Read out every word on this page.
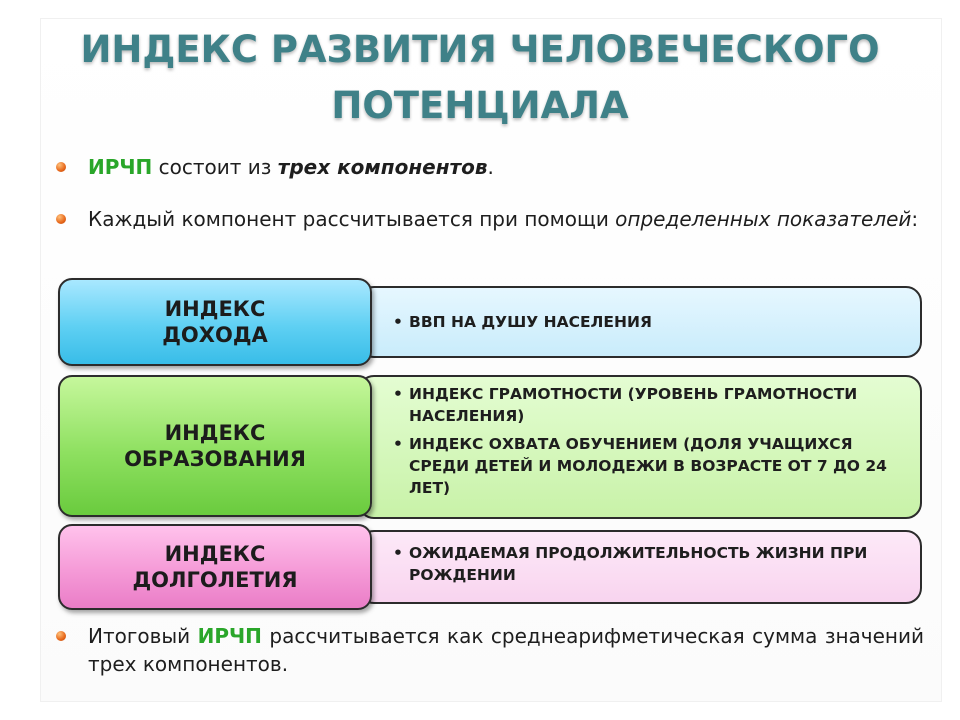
ИНДЕКС РАЗВИТИЯ ЧЕЛОВЕЧЕСКОГО
ПОТЕНЦИАЛА
ИРЧП состоит из трех компонентов.
Каждый компонент рассчитывается при помощи определенных показателей:
ИНДЕКС
ДОХОДА
• ВВП НА ДУШУ НАСЕЛЕНИЯ
ИНДЕКС
ОБРАЗОВАНИЯ
• ИНДЕКС ГРАМОТНОСТИ (УРОВЕНЬ ГРАМОТНОСТИ НАСЕЛЕНИЯ)
• ИНДЕКС ОХВАТА ОБУЧЕНИЕМ (ДОЛЯ УЧАЩИХСЯ СРЕДИ ДЕТЕЙ И МОЛОДЕЖИ В ВОЗРАСТЕ ОТ 7 ДО 24 ЛЕТ)
ИНДЕКС
ДОЛГОЛЕТИЯ
• ОЖИДАЕМАЯ ПРОДОЛЖИТЕЛЬНОСТЬ ЖИЗНИ ПРИ РОЖДЕНИИ
Итоговый ИРЧП рассчитывается как среднеарифметическая сумма значений трех компонентов.
